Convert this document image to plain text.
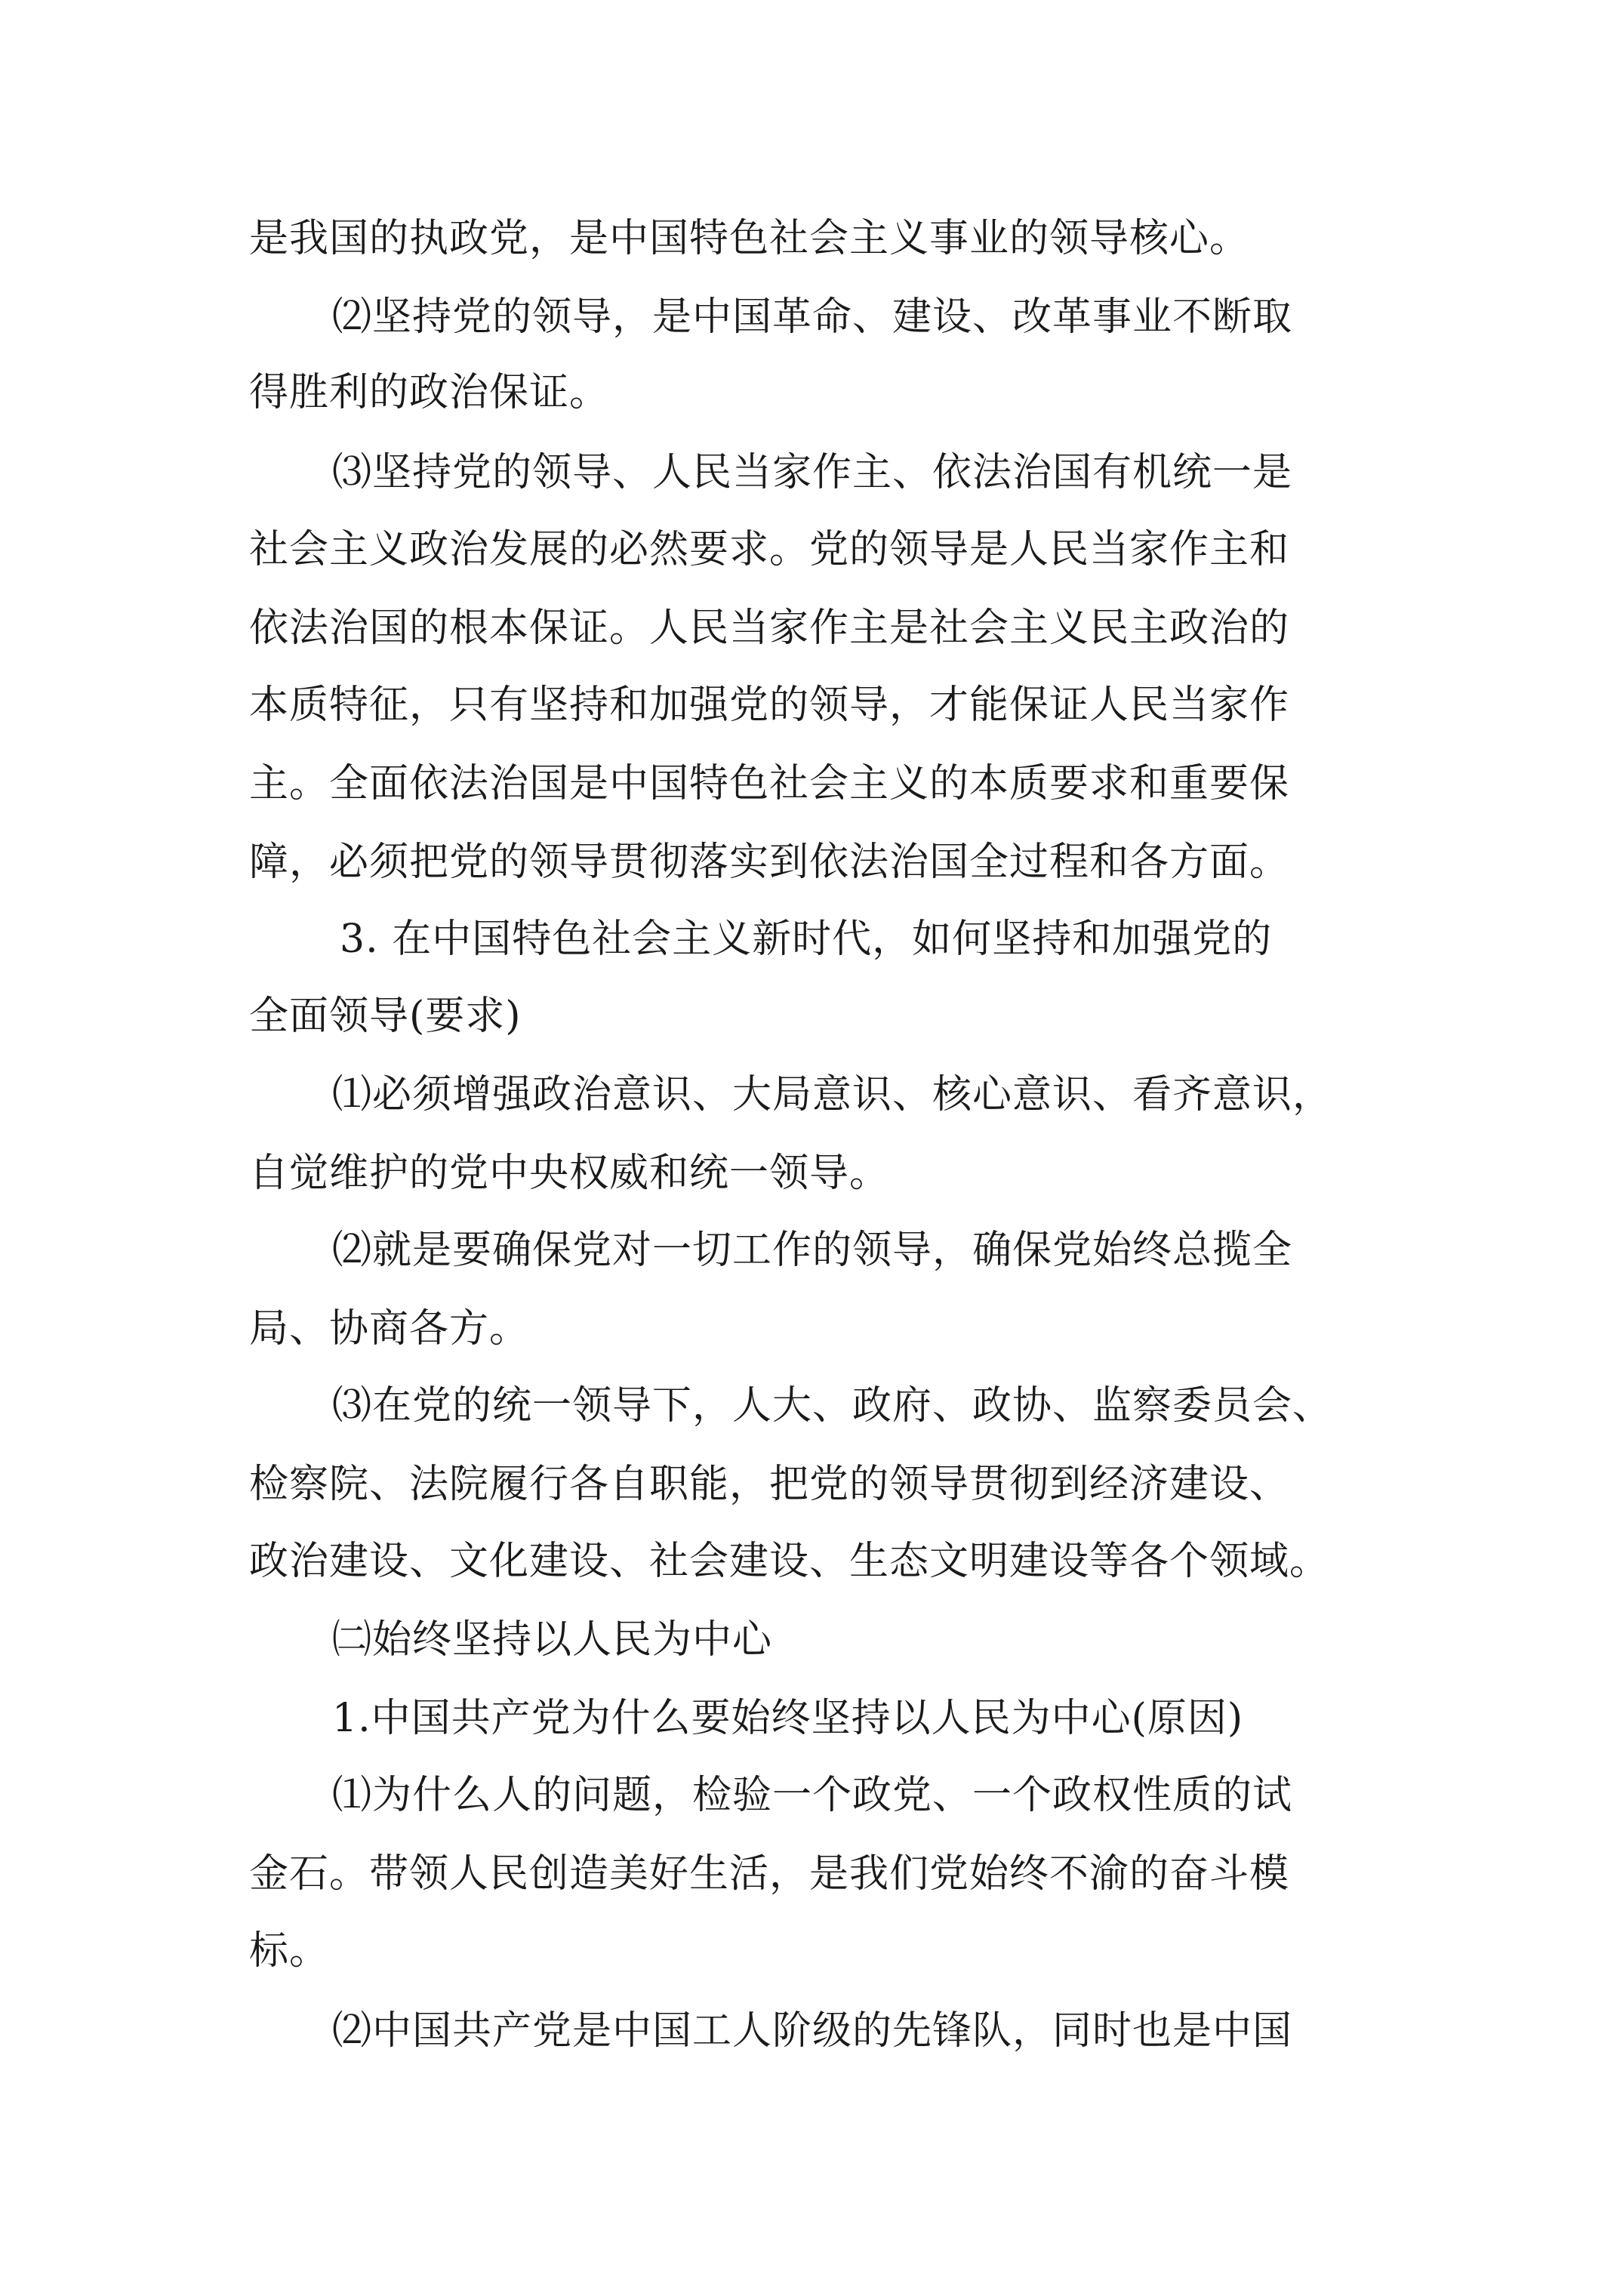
是我国的执政党，是中国特色社会主义事业的领导核心。
⑵坚持党的领导，是中国革命、建设、改革事业不断取
得胜利的政治保证。
⑶坚持党的领导、人民当家作主、依法治国有机统一是
社会主义政治发展的必然要求。党的领导是人民当家作主和
依法治国的根本保证。人民当家作主是社会主义民主政治的
本质特征，只有坚持和加强党的领导，才能保证人民当家作
主。全面依法治国是中国特色社会主义的本质要求和重要保
障，必须把党的领导贯彻落实到依法治国全过程和各方面。
3. 在中国特色社会主义新时代，如何坚持和加强党的
全面领导(要求)
⑴必须增强政治意识、大局意识、核心意识、看齐意识，
自觉维护的党中央权威和统一领导。
⑵就是要确保党对一切工作的领导，确保党始终总揽全
局、协商各方。
⑶在党的统一领导下，人大、政府、政协、监察委员会、
检察院、法院履行各自职能，把党的领导贯彻到经济建设、
政治建设、文化建设、社会建设、生态文明建设等各个领域。
㈡始终坚持以人民为中心
1.中国共产党为什么要始终坚持以人民为中心(原因)
⑴为什么人的问题，检验一个政党、一个政权性质的试
金石。带领人民创造美好生活，是我们党始终不渝的奋斗模
标。
⑵中国共产党是中国工人阶级的先锋队，同时也是中国
